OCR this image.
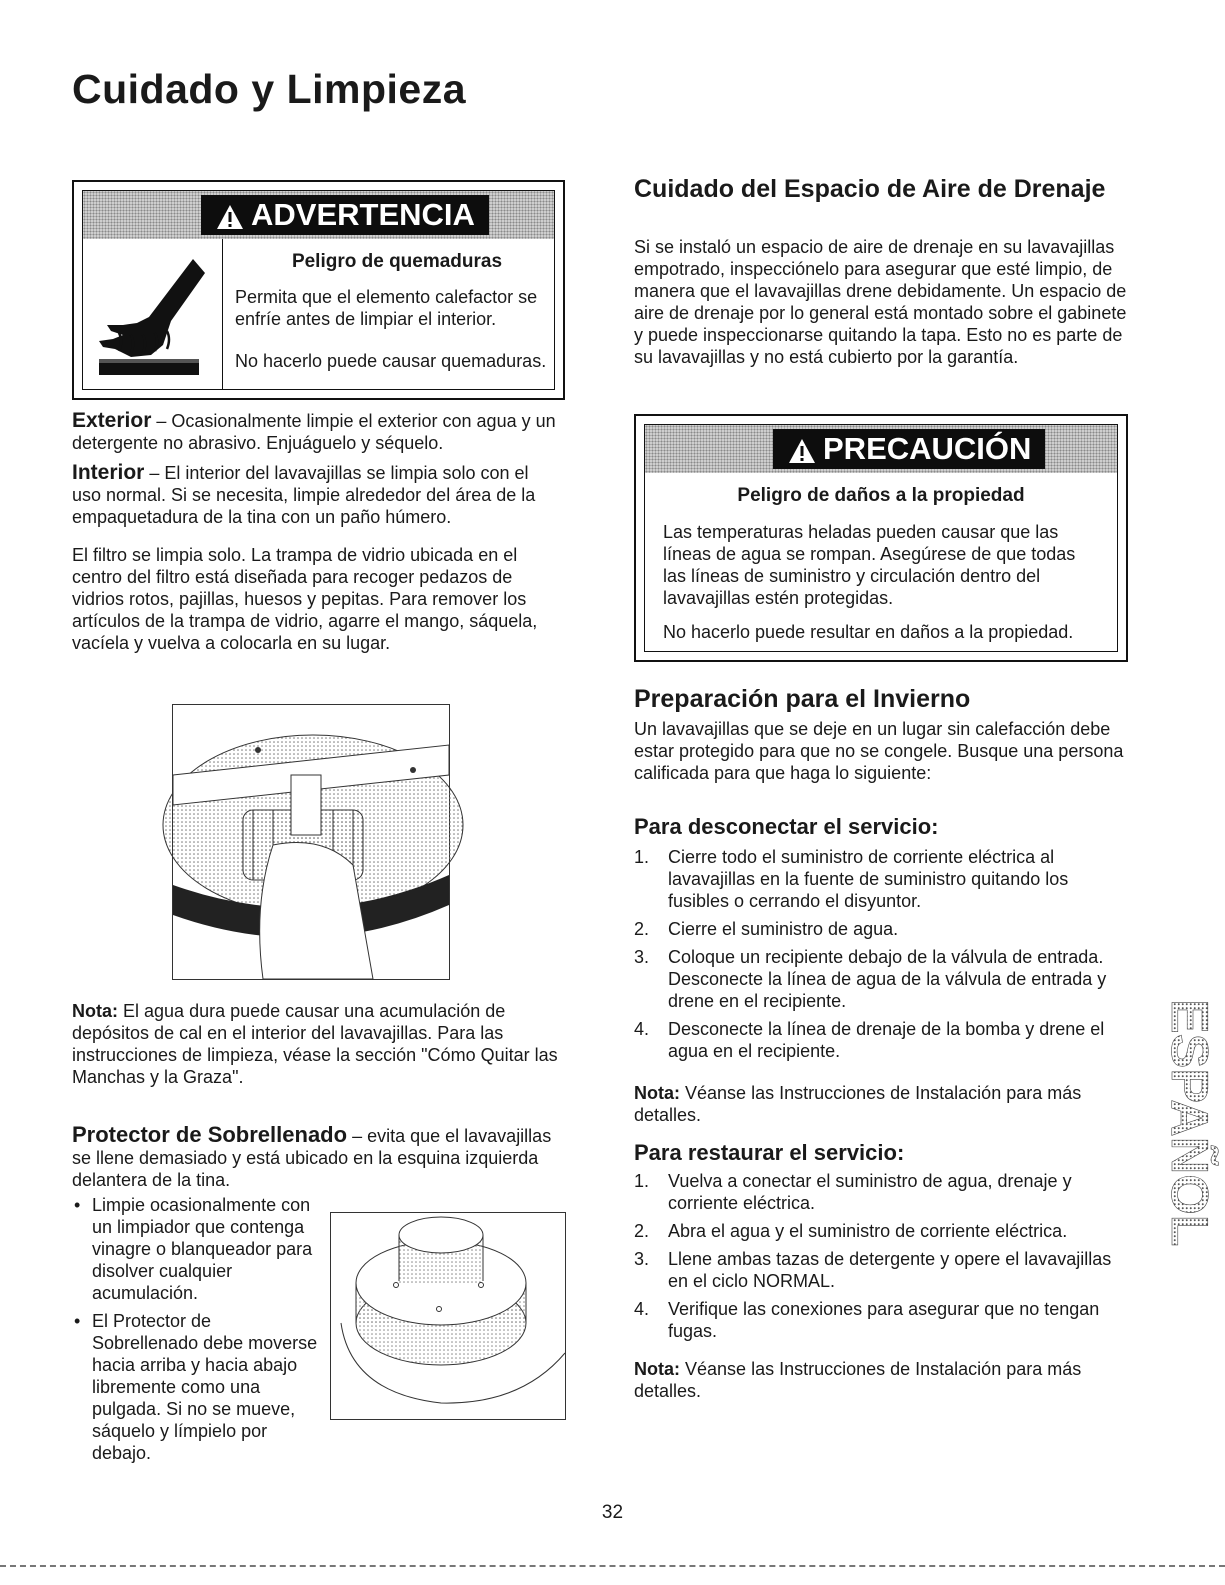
Cuidado y Limpieza
ADVERTENCIA
Peligro de quemaduras
Permita que el elemento calefactor se enfríe antes de limpiar el interior.
No hacerlo puede causar quemaduras.
Exterior – Ocasionalmente limpie el exterior con agua y un detergente no abrasivo. Enjuáguelo y séquelo.
Interior – El interior del lavavajillas se limpia solo con el uso normal. Si se necesita, limpie alrededor del área de la empaquetadura de la tina con un paño húmero.

El filtro se limpia solo. La trampa de vidrio ubicada en el centro del filtro está diseñada para recoger pedazos de vidrios rotos, pajillas, huesos y pepitas. Para remover los artículos de la trampa de vidrio, agarre el mango, sáquela, vacíela y vuelva a colocarla en su lugar.

Nota: El agua dura puede causar una acumulación de depósitos de cal en el interior del lavavajillas. Para las instrucciones de limpieza, véase la sección "Cómo Quitar las Manchas y la Graza".

Protector de Sobrellenado – evita que el lavavajillas se llene demasiado y está ubicado en la esquina izquierda delantera de la tina.

• Limpie ocasionalmente con un limpiador que contenga vinagre o blanqueador para disolver cualquier acumulación.
• El Protector de Sobrellenado debe moverse hacia arriba y hacia abajo libremente como una pulgada. Si no se mueve, sáquelo y límpielo por debajo.
Cuidado del Espacio de Aire de Drenaje

Si se instaló un espacio de aire de drenaje en su lavavajillas empotrado, inspecciónelo para asegurar que esté limpio, de manera que el lavavajillas drene debidamente. Un espacio de aire de drenaje por lo general está montado sobre el gabinete y puede inspeccionarse quitando la tapa. Esto no es parte de su lavavajillas y no está cubierto por la garantía.

PRECAUCIÓN
Peligro de daños a la propiedad
Las temperaturas heladas pueden causar que las líneas de agua se rompan. Asegúrese de que todas las líneas de suministro y circulación dentro del lavavajillas estén protegidas.
No hacerlo puede resultar en daños a la propiedad.
Preparación para el Invierno

Un lavavajillas que se deje en un lugar sin calefacción debe estar protegido para que no se congele. Busque una persona calificada para que haga lo siguiente:

Para desconectar el servicio:
1. Cierre todo el suministro de corriente eléctrica al lavavajillas en la fuente de suministro quitando los fusibles o cerrando el disyuntor.
2. Cierre el suministro de agua.
3. Coloque un recipiente debajo de la válvula de entrada. Desconecte la línea de agua de la válvula de entrada y drene en el recipiente.
4. Desconecte la línea de drenaje de la bomba y drene el agua en el recipiente.

Nota: Véanse las Instrucciones de Instalación para más detalles.

Para restaurar el servicio:
1. Vuelva a conectar el suministro de agua, drenaje y corriente eléctrica.
2. Abra el agua y el suministro de corriente eléctrica.
3. Llene ambas tazas de detergente y opere el lavavajillas en el ciclo NORMAL.
4. Verifique las conexiones para asegurar que no tengan fugas.

Nota: Véanse las Instrucciones de Instalación para más detalles.

ESPAÑOL
32
